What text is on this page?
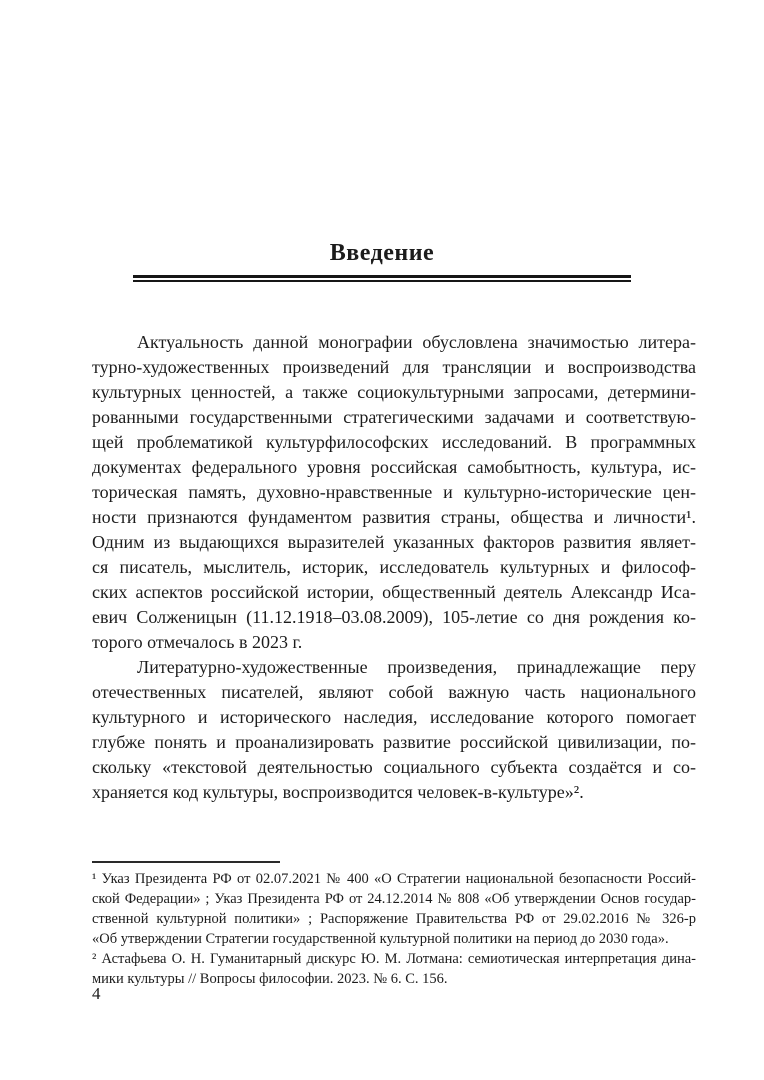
Введение
Актуальность данной монографии обусловлена значимостью литера-
турно-художественных произведений для трансляции и воспроизводства
культурных ценностей, а также социокультурными запросами, детермини-
рованными государственными стратегическими задачами и соответствую-
щей проблематикой культурфилософских исследований. В программных
документах федерального уровня российская самобытность, культура, ис-
торическая память, духовно-нравственные и культурно-исторические цен-
ности признаются фундаментом развития страны, общества и личности¹.
Одним из выдающихся выразителей указанных факторов развития являет-
ся писатель, мыслитель, историк, исследователь культурных и философ-
ских аспектов российской истории, общественный деятель Александр Иса-
евич Солженицын (11.12.1918–03.08.2009), 105-летие со дня рождения ко-
торого отмечалось в 2023 г.
Литературно-художественные произведения, принадлежащие перу
отечественных писателей, являют собой важную часть национального
культурного и исторического наследия, исследование которого помогает
глубже понять и проанализировать развитие российской цивилизации, по-
скольку «текстовой деятельностью социального субъекта создаётся и со-
храняется код культуры, воспроизводится человек-в-культуре»².
¹ Указ Президента РФ от 02.07.2021 № 400 «О Стратегии национальной безопасности Россий-
ской Федерации» ; Указ Президента РФ от 24.12.2014 № 808 «Об утверждении Основ государ-
ственной культурной политики» ; Распоряжение Правительства РФ от 29.02.2016 № 326-р
«Об утверждении Стратегии государственной культурной политики на период до 2030 года».
² Астафьева О. Н. Гуманитарный дискурс Ю. М. Лотмана: семиотическая интерпретация дина-
мики культуры // Вопросы философии. 2023. № 6. С. 156.
4
